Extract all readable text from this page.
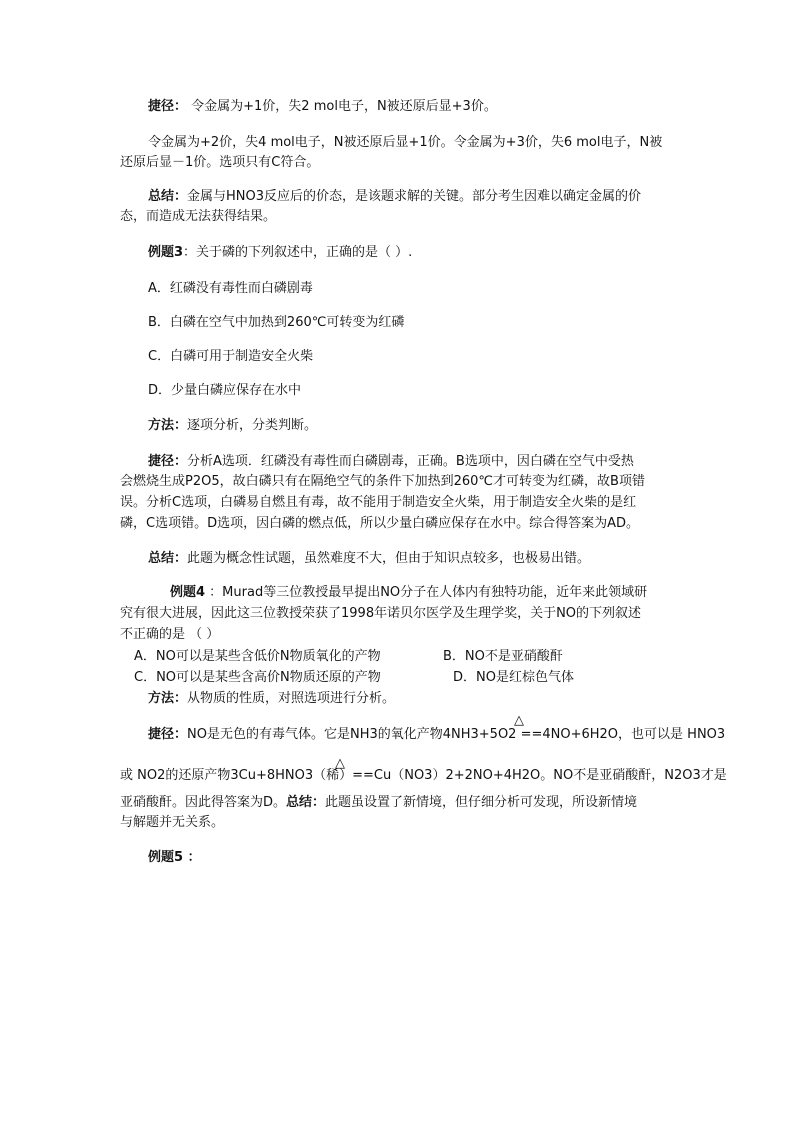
捷径： 令金属为+1价，失2 mol电子，N被还原后显+3价。
令金属为+2价，失4 mol电子，N被还原后显+1价。令金属为+3价，失6 mol电子，N被
还原后显－1价。选项只有C符合。
总结：金属与HNO3反应后的价态，是该题求解的关键。部分考生因难以确定金属的价
态，而造成无法获得结果。
例题3：关于磷的下列叙述中，正确的是（ ）.
A．红磷没有毒性而白磷剧毒
B．白磷在空气中加热到260℃可转变为红磷
C．白磷可用于制造安全火柴
D．少量白磷应保存在水中
方法：逐项分析，分类判断。
捷径：分析A选项．红磷没有毒性而白磷剧毒，正确。B选项中，因白磷在空气中受热
会燃烧生成P2O5，故白磷只有在隔绝空气的条件下加热到260℃才可转变为红磷，故B项错
误。分析C选项，白磷易自燃且有毒，故不能用于制造安全火柴，用于制造安全火柴的是红
磷，C选项错。D选项，因白磷的燃点低，所以少量白磷应保存在水中。综合得答案为AD。
总结：此题为概念性试题，虽然难度不大，但由于知识点较多，也极易出错。
例题4 ：Murad等三位教授最早提出NO分子在人体内有独特功能，近年来此领域研
究有很大进展，因此这三位教授荣获了1998年诺贝尔医学及生理学奖，关于NO的下列叙述
不正确的是 （ ）
A．NO可以是某些含低价N物质氧化的产物	B．NO不是亚硝酸酐
C．NO可以是某些含高价N物质还原的产物	D．NO是红棕色气体
方法：从物质的性质，对照选项进行分析。
△
捷径：NO是无色的有毒气体。它是NH3的氧化产物4NH3+5O2 ==4NO+6H2O，也可以是 HNO3
△
或 NO2的还原产物3Cu+8HNO3（稀）==Cu（NO3）2+2NO+4H2O。NO不是亚硝酸酐，N2O3才是
亚硝酸酐。因此得答案为D。总结：此题虽设置了新情境，但仔细分析可发现，所设新情境
与解题并无关系。
例题5 ：
